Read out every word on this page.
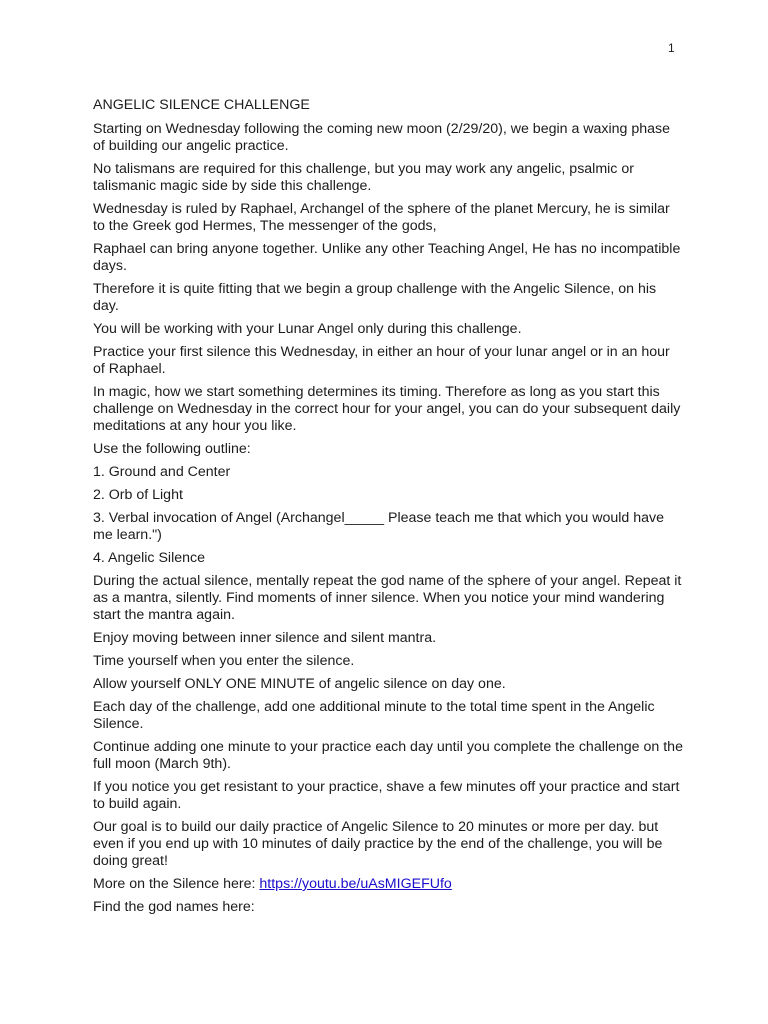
1

ANGELIC SILENCE CHALLENGE

Starting on Wednesday following the coming new moon (2/29/20), we begin a waxing phase of building our angelic practice.

No talismans are required for this challenge, but you may work any angelic, psalmic or talismanic magic side by side this challenge.

Wednesday is ruled by Raphael, Archangel of the sphere of the planet Mercury, he is similar to the Greek god Hermes, The messenger of the gods,

Raphael can bring anyone together. Unlike any other Teaching Angel, He has no incompatible days.

Therefore it is quite fitting that we begin a group challenge with the Angelic Silence, on his day.

You will be working with your Lunar Angel only during this challenge.

Practice your first silence this Wednesday, in either an hour of your lunar angel or in an hour of Raphael.

In magic, how we start something determines its timing. Therefore as long as you start this challenge on Wednesday in the correct hour for your angel, you can do your subsequent daily meditations at any hour you like.

Use the following outline:

1. Ground and Center

2. Orb of Light

3. Verbal invocation of Angel (Archangel_____ Please teach me that which you would have me learn.")

4. Angelic Silence

During the actual silence, mentally repeat the god name of the sphere of your angel. Repeat it as a mantra, silently. Find moments of inner silence. When you notice your mind wandering start the mantra again.

Enjoy moving between inner silence and silent mantra.

Time yourself when you enter the silence.

Allow yourself ONLY ONE MINUTE of angelic silence on day one.

Each day of the challenge, add one additional minute to the total time spent in the Angelic Silence.

Continue adding one minute to your practice each day until you complete the challenge on the full moon (March 9th).

If you notice you get resistant to your practice, shave a few minutes off your practice and start to build again.

Our goal is to build our daily practice of Angelic Silence to 20 minutes or more per day. but even if you end up with 10 minutes of daily practice by the end of the challenge, you will be doing great!

More on the Silence here: https://youtu.be/uAsMIGEFUfo

Find the god names here:
